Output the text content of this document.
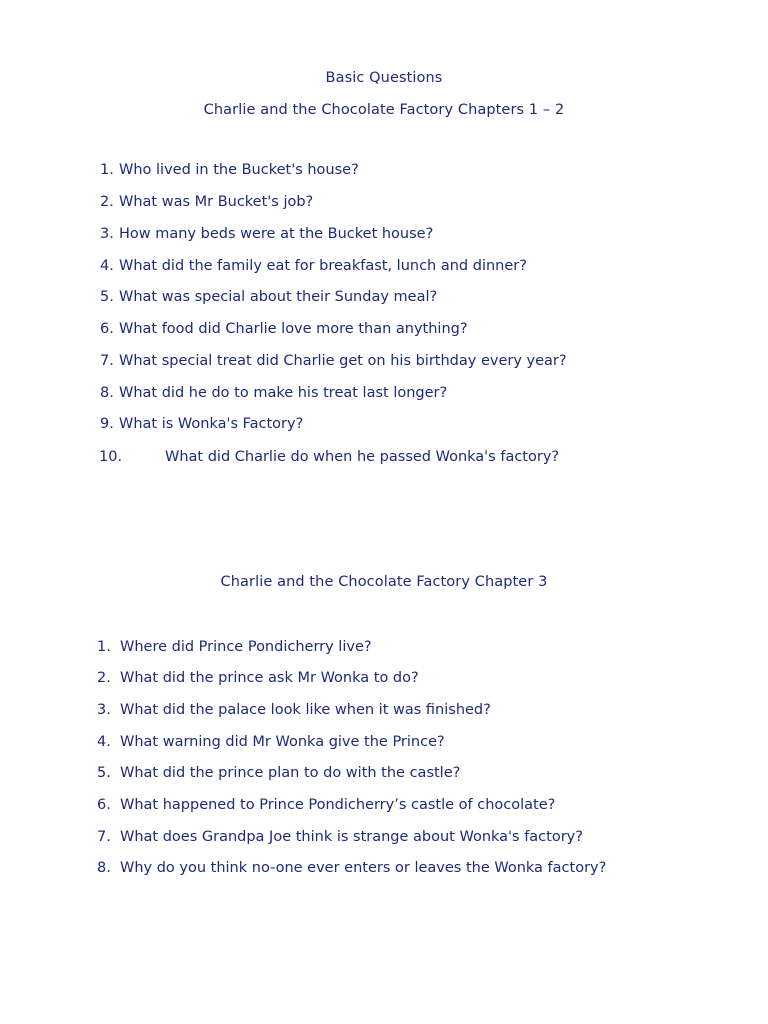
Basic Questions
Charlie and the Chocolate Factory Chapters 1 – 2
1. Who lived in the Bucket's house?
2. What was Mr Bucket's job?
3. How many beds were at the Bucket house?
4. What did the family eat for breakfast, lunch and dinner?
5. What was special about their Sunday meal?
6. What food did Charlie love more than anything?
7. What special treat did Charlie get on his birthday every year?
8. What did he do to make his treat last longer?
9. What is Wonka's Factory?
10.	What did Charlie do when he passed Wonka's factory?
Charlie and the Chocolate Factory Chapter 3
1. Where did Prince Pondicherry live?
2. What did the prince ask Mr Wonka to do?
3. What did the palace look like when it was finished?
4. What warning did Mr Wonka give the Prince?
5. What did the prince plan to do with the castle?
6. What happened to Prince Pondicherry’s castle of chocolate?
7. What does Grandpa Joe think is strange about Wonka's factory?
8. Why do you think no-one ever enters or leaves the Wonka factory?
